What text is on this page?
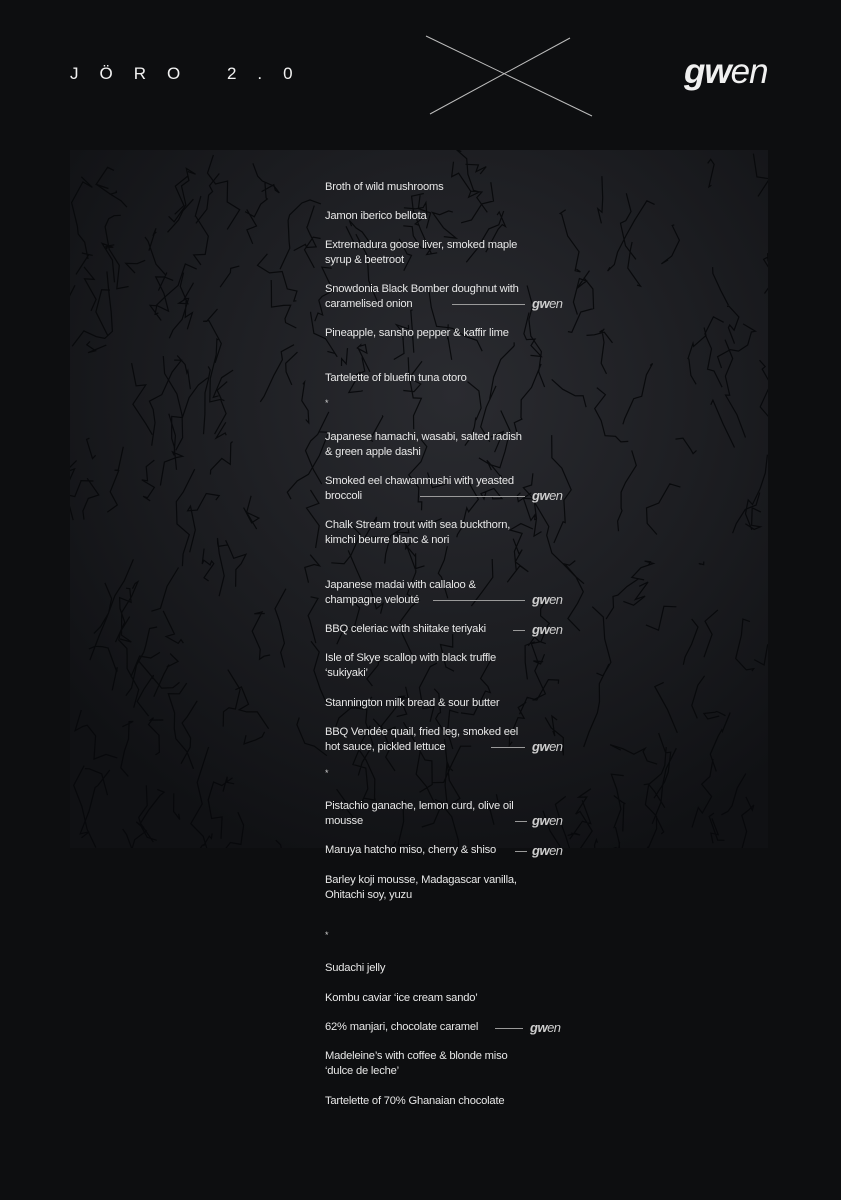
JÖRO 2.0	gwen
Broth of wild mushrooms
Jamon iberico bellota
Extremadura goose liver, smoked maple syrup & beetroot
Snowdonia Black Bomber doughnut with caramelised onion	gwen
Pineapple, sansho pepper & kaffir lime
Tartelette of bluefin tuna otoro
*
Japanese hamachi, wasabi, salted radish & green apple dashi
Smoked eel chawanmushi with yeasted broccoli	gwen
Chalk Stream trout with sea buckthorn, kimchi beurre blanc & nori
Japanese madai with callaloo & champagne velouté	gwen
BBQ celeriac with shiitake teriyaki	gwen
Isle of Skye scallop with black truffle ‘sukiyaki’
Stannington milk bread & sour butter
BBQ Vendée quail, fried leg, smoked eel hot sauce, pickled lettuce	gwen
*
Pistachio ganache, lemon curd, olive oil mousse	gwen
Maruya hatcho miso, cherry & shiso	gwen
Barley koji mousse, Madagascar vanilla, Ohitachi soy, yuzu
*
Sudachi jelly
Kombu caviar ‘ice cream sando’
62% manjari, chocolate caramel	gwen
Madeleine’s with coffee & blonde miso ‘dulce de leche’
Tartelette of 70% Ghanaian chocolate
